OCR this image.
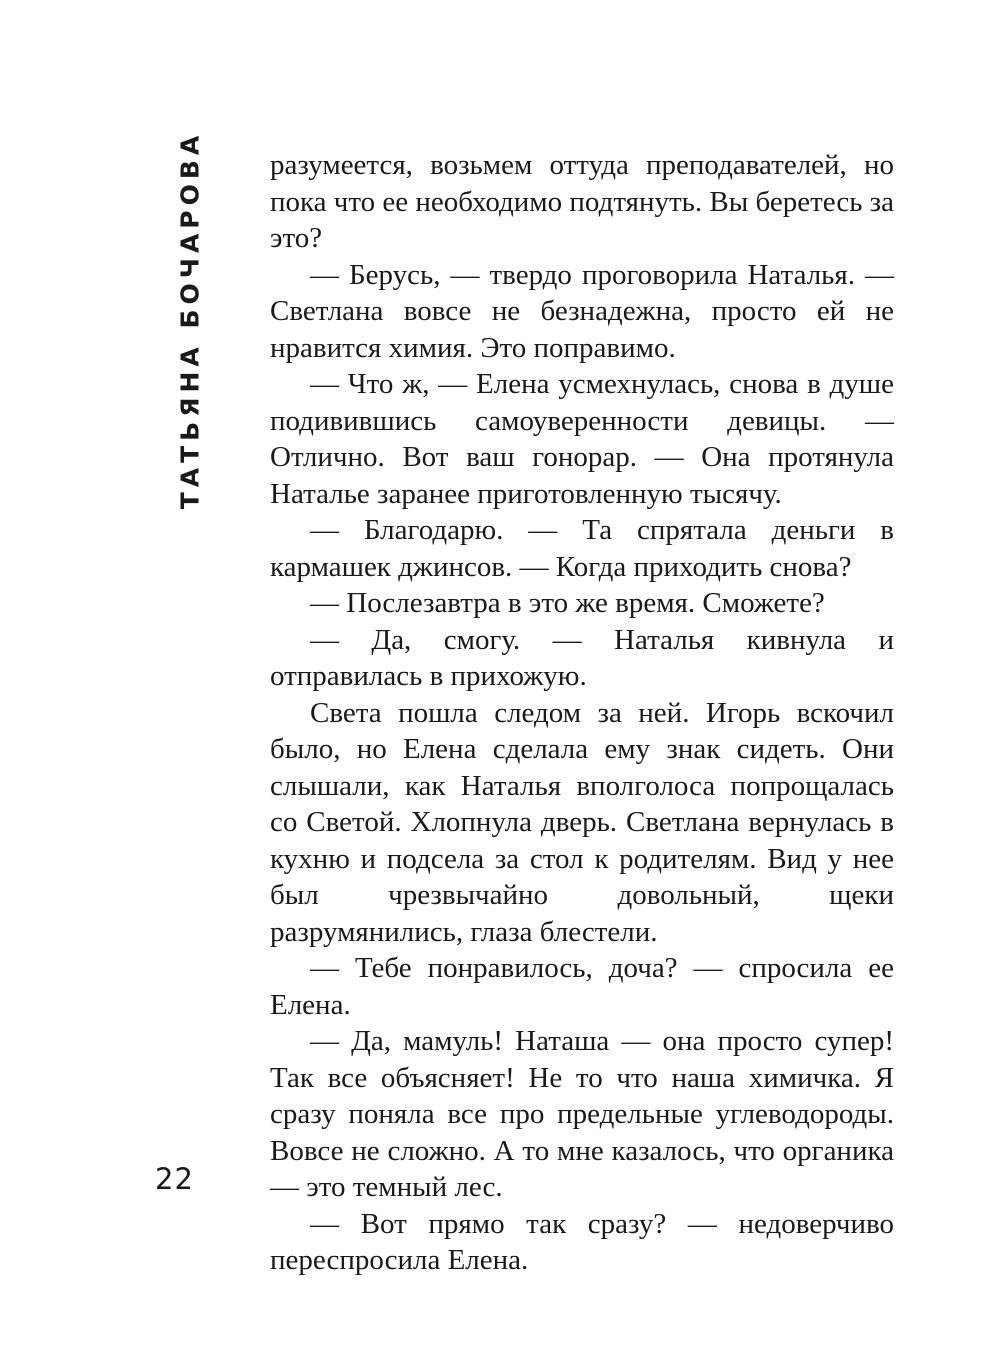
ТАТЬЯНА БОЧАРОВА разумеется, возьмем оттуда преподавателей, но пока что ее необходимо подтянуть. Вы беретесь за это?

— Берусь, — твердо проговорила Наталья. — Светлана вовсе не безнадежна, просто ей не нравится химия. Это поправимо.

— Что ж, — Елена усмехнулась, снова в душе подивившись самоуверенности девицы. — Отлично. Вот ваш гонорар. — Она протянула Наталье заранее приготовленную тысячу.

— Благодарю. — Та спрятала деньги в кармашек джинсов. — Когда приходить снова?

— Послезавтра в это же время. Сможете?

— Да, смогу. — Наталья кивнула и отправилась в прихожую.

Света пошла следом за ней. Игорь вскочил было, но Елена сделала ему знак сидеть. Они слышали, как Наталья вполголоса попрощалась со Светой. Хлопнула дверь. Светлана вернулась в кухню и подсела за стол к родителям. Вид у нее был чрезвычайно довольный, щеки разрумянились, глаза блестели.

— Тебе понравилось, доча? — спросила ее Елена.

— Да, мамуль! Наташа — она просто супер! Так все объясняет! Не то что наша химичка. Я сразу поняла все про предельные углеводороды. Вовсе не сложно. А то мне казалось, что органика — это темный лес.

— Вот прямо так сразу? — недоверчиво переспросила Елена.

22
